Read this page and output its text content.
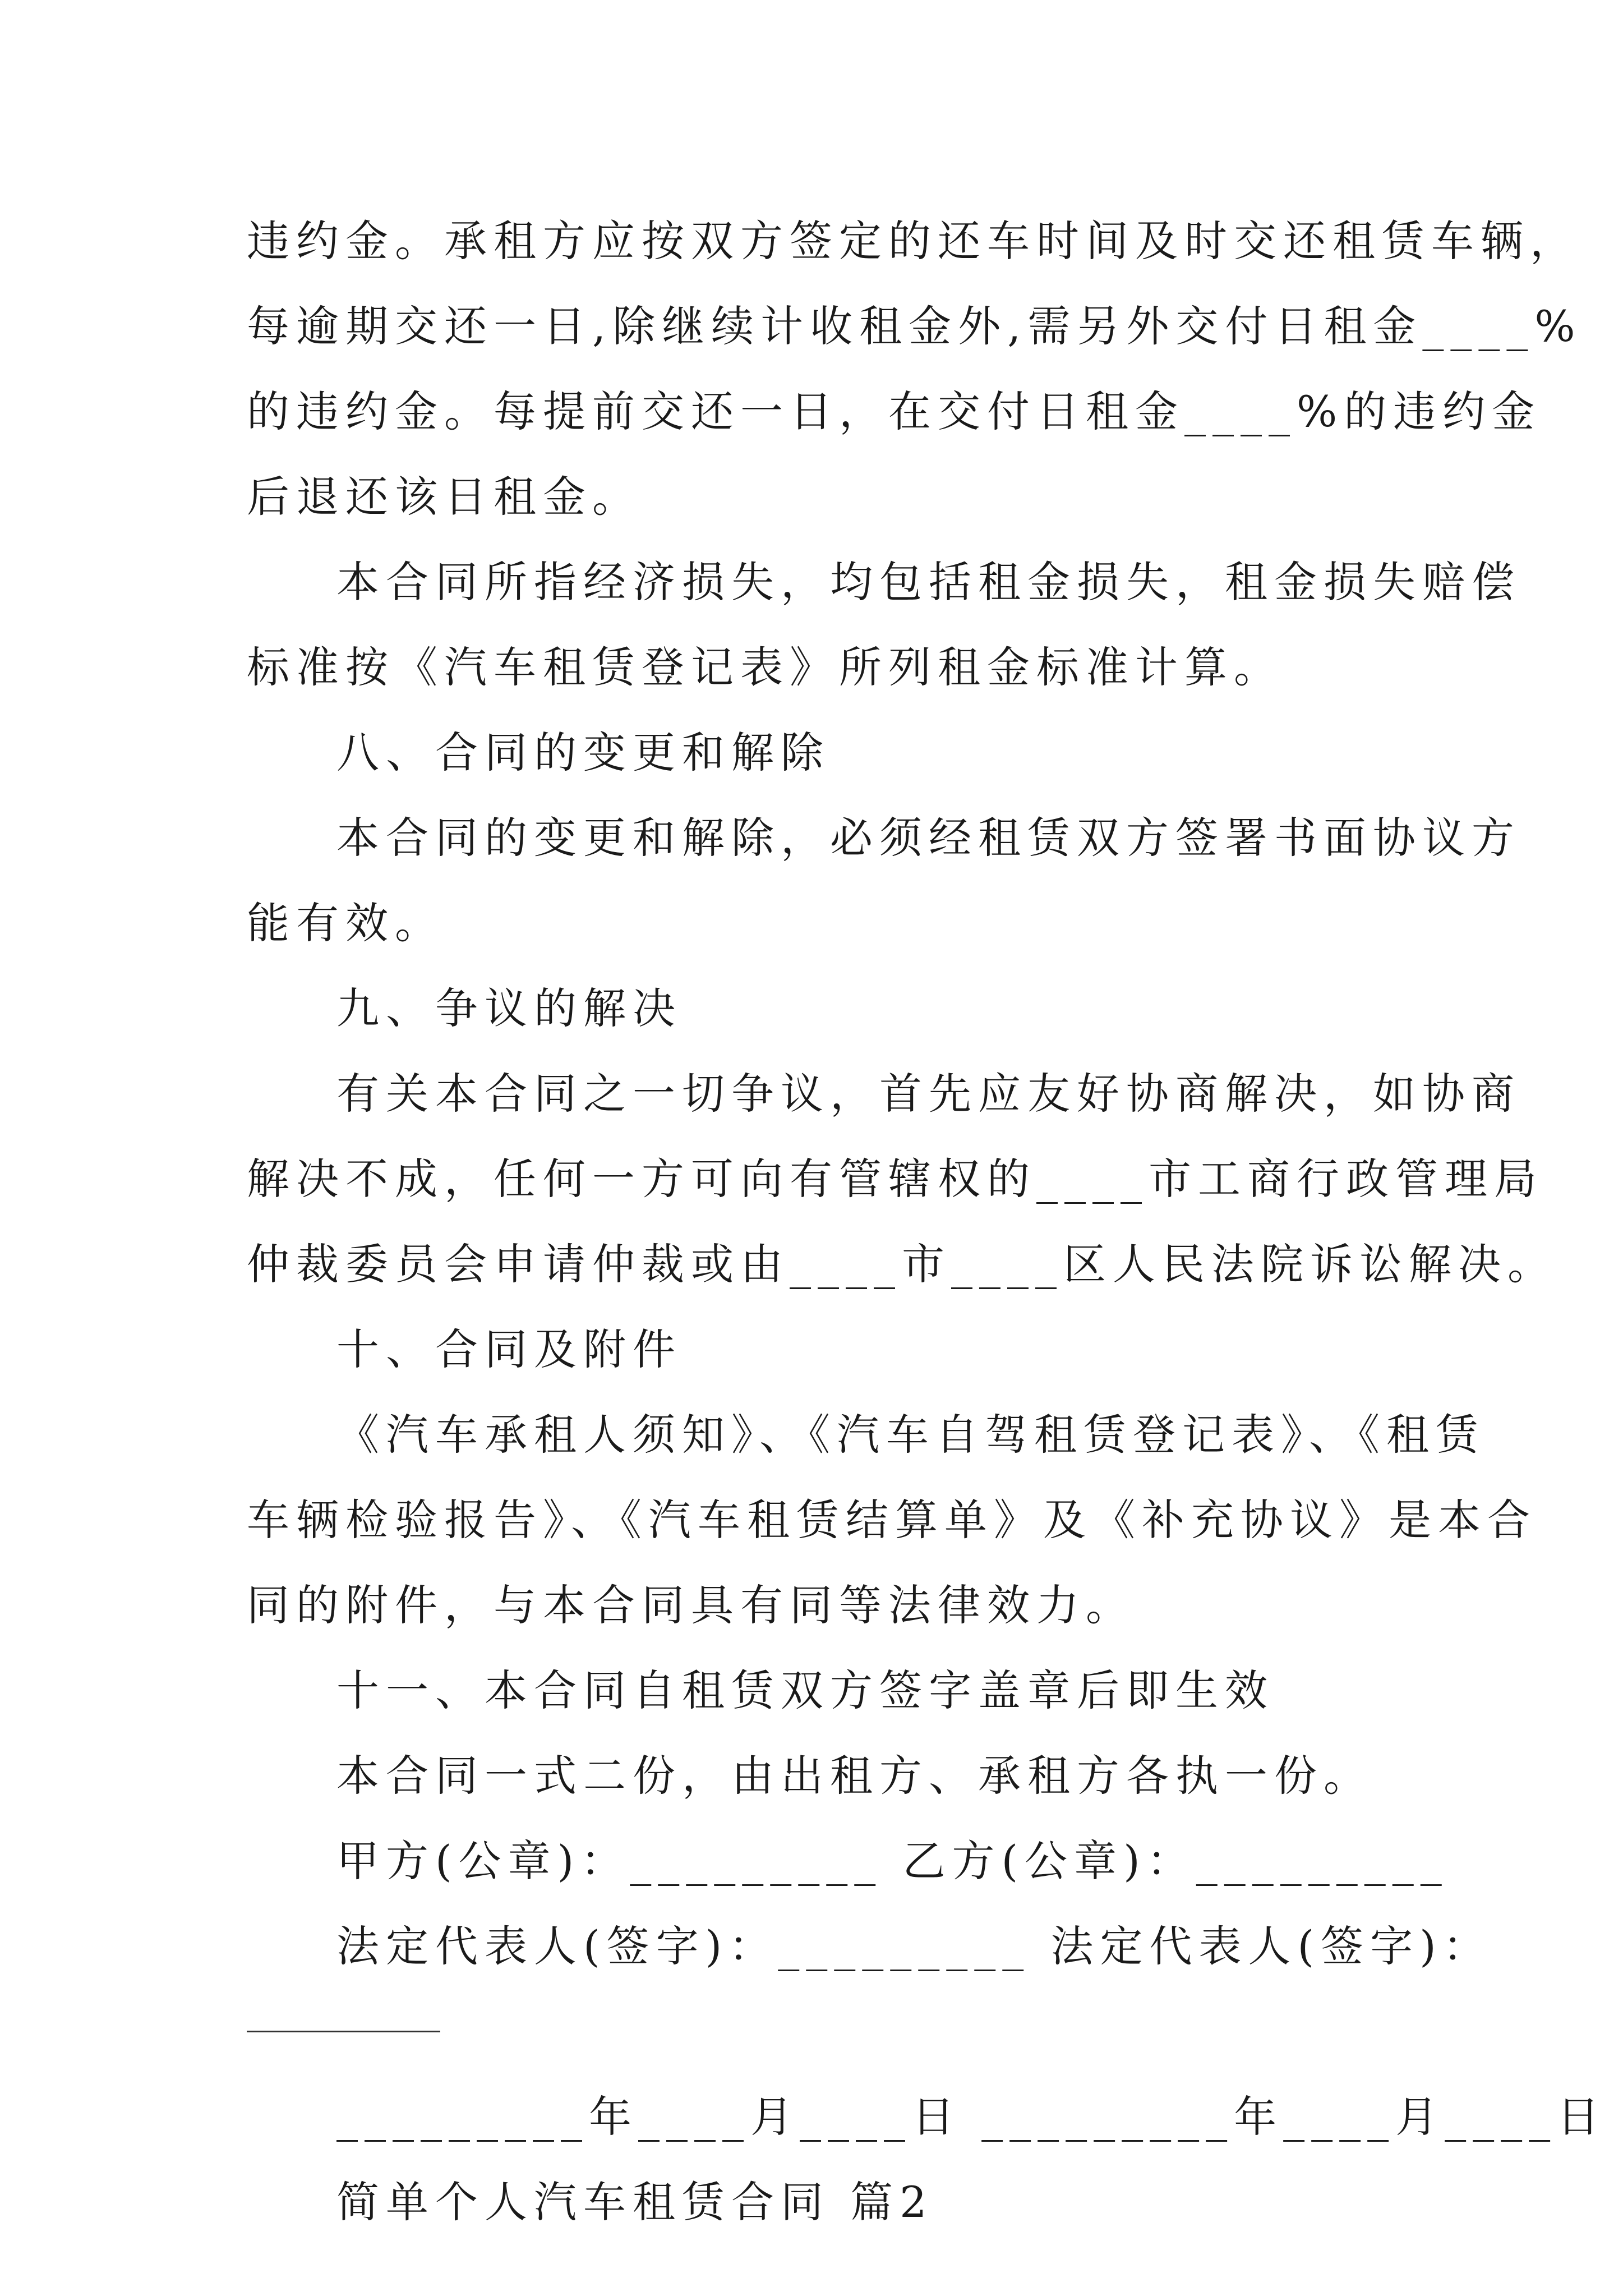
违约金。承租方应按双方签定的还车时间及时交还租赁车辆，
每逾期交还一日,除继续计收租金外,需另外交付日租金____%
的违约金。每提前交还一日，在交付日租金____%的违约金
后退还该日租金。
本合同所指经济损失，均包括租金损失，租金损失赔偿
标准按《汽车租赁登记表》所列租金标准计算。
八、合同的变更和解除
本合同的变更和解除，必须经租赁双方签署书面协议方
能有效。
九、争议的解决
有关本合同之一切争议，首先应友好协商解决，如协商
解决不成，任何一方可向有管辖权的____市工商行政管理局
仲裁委员会申请仲裁或由____市____区人民法院诉讼解决。
十、合同及附件
《汽车承租人须知》、《汽车自驾租赁登记表》、《租赁
车辆检验报告》、《汽车租赁结算单》及《补充协议》是本合
同的附件，与本合同具有同等法律效力。
十一、本合同自租赁双方签字盖章后即生效
本合同一式二份，由出租方、承租方各执一份。
甲方(公章)：_________ 乙方(公章)：_________
法定代表人(签字)：_________ 法定代表人(签字)：
_________年____月____日 _________年____月____日
简单个人汽车租赁合同 篇2
